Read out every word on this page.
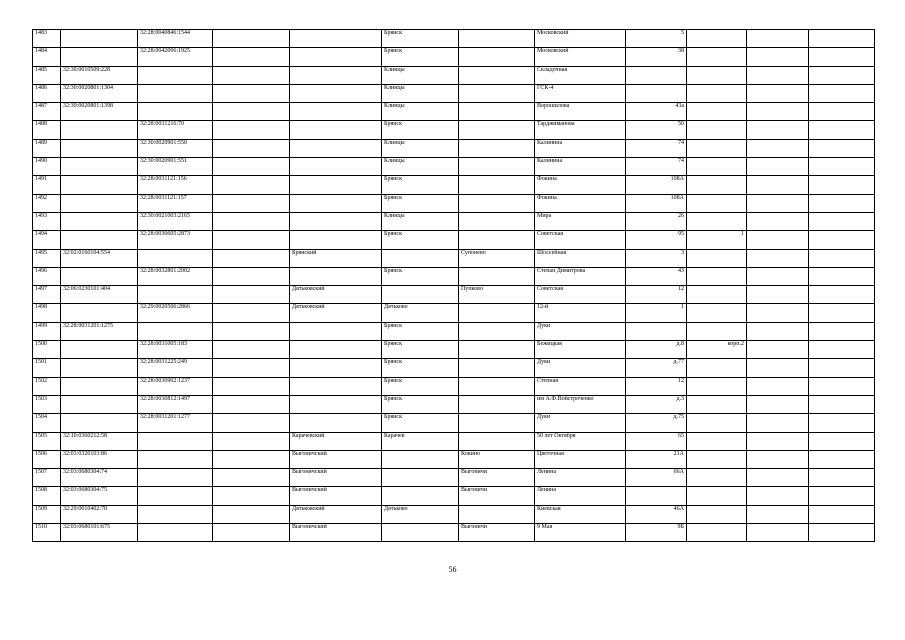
1483		32:28:0040846:1544			Брянск		Московский	5			
1484		32:28:0042006:1925			Брянск		Московский	38			
1485	32:30:0010509:228				Клинцы		Складочная				
1486	32:30:0020801:1304				Клинцы		ГСК-4				
1487	32:30:0020801:1398				Клинцы		Ворошилова	43а			
1488		32:28:0031216:70			Брянск		Тарджиманова	50			
1489		32:30:0020901:550			Клинцы		Калинина	74			
1490		32:30:0020901:551			Клинцы		Калинина	74			
1491		32:28:0031121:156			Брянск		Фокина	108А			
1492		32:28:0031121:157			Брянск		Фокина	108А			
1493		32:30:0021003:2165			Клинцы		Мира	26			
1494		32:28:0030605:2873			Брянск		Советская	95	1		
1495	32:02:0160104:554			Брянский		Супонево	Шоссейная	3			
1496		32:28:0032801:2002			Брянск		Степан Димитрова	43			
1497	32:06:0230101:404			Дятьковский		Пупково	Советская	12			
1498		32:29:0020506:2866		Дятьковский	Дятьково		12-й	1			
1499	32:28:0031201:1275				Брянск		Дуки				
1500		32:28:0031005:183			Брянск		Бежицкая	д.8	корп.2		
1501		32:28:0031225:249			Брянск		Дуки	д.77			
1502		32:28:0030902:1237			Брянск		Степная	12			
1503		32:28:0030812:1497			Брянск		им А.Ф.Войстроченко	д.3			
1504		32:28:0031201:1277			Брянск		Дуки	д.75			
1505	32:10:0360212:58			Карачевский	Карачев		50 лет Октября	65			
1506	32:03:0320103:86			Выгоничский		Кокино	Цветочная	21А			
1507	32:03:0680304:74			Выгоничский		Выгоничи	Ленина	66А			
1508	32:03:0680304:75			Выгоничский		Выгоничи	Ленина				
1509	32:29:0010402:70			Дятьковский	Дятьково		Киевская	46А			
1510	32:03:0680101:675			Выгоничский		Выгоничи	9 Мая	9Б			
56
